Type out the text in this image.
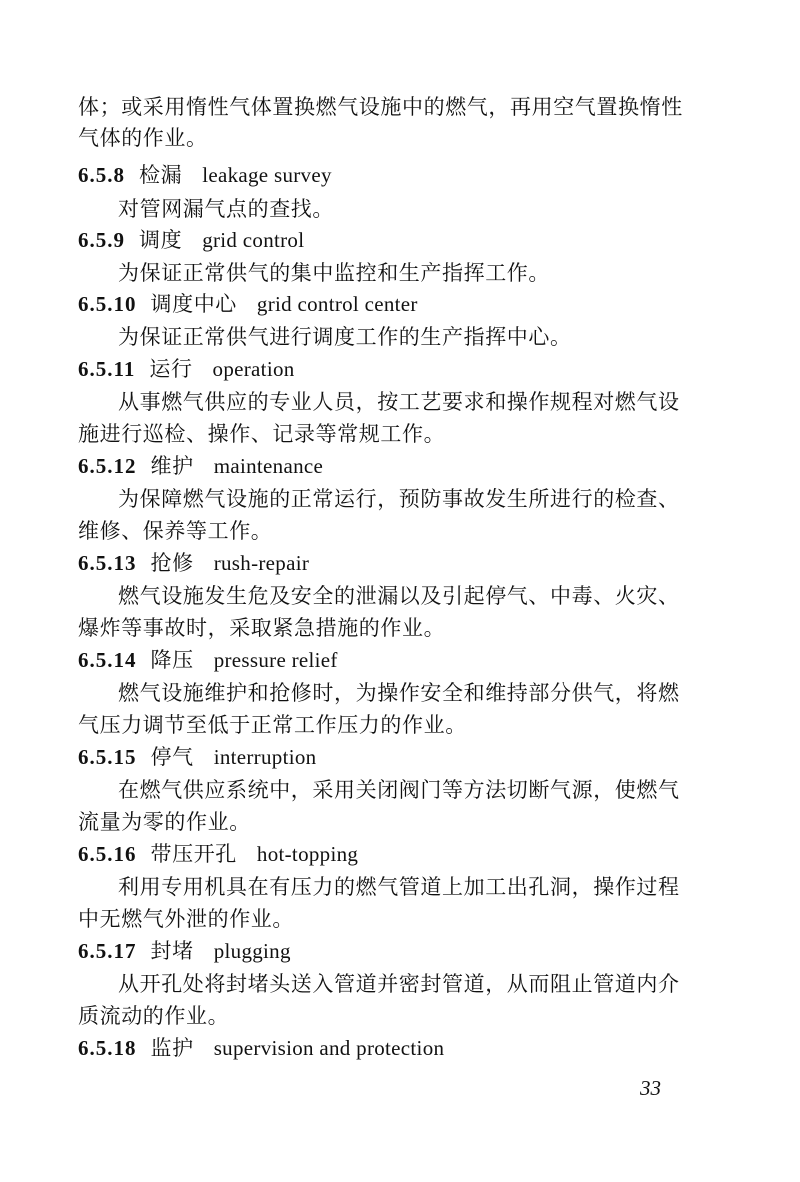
体；或采用惰性气体置换燃气设施中的燃气，再用空气置换惰性
气体的作业。
6.5.8 检漏 leakage survey
对管网漏气点的查找。
6.5.9 调度 grid control
为保证正常供气的集中监控和生产指挥工作。
6.5.10 调度中心 grid control center
为保证正常供气进行调度工作的生产指挥中心。
6.5.11 运行 operation
从事燃气供应的专业人员，按工艺要求和操作规程对燃气设
施进行巡检、操作、记录等常规工作。
6.5.12 维护 maintenance
为保障燃气设施的正常运行，预防事故发生所进行的检查、
维修、保养等工作。
6.5.13 抢修 rush-repair
燃气设施发生危及安全的泄漏以及引起停气、中毒、火灾、
爆炸等事故时，采取紧急措施的作业。
6.5.14 降压 pressure relief
燃气设施维护和抢修时，为操作安全和维持部分供气，将燃
气压力调节至低于正常工作压力的作业。
6.5.15 停气 interruption
在燃气供应系统中，采用关闭阀门等方法切断气源，使燃气
流量为零的作业。
6.5.16 带压开孔 hot-topping
利用专用机具在有压力的燃气管道上加工出孔洞，操作过程
中无燃气外泄的作业。
6.5.17 封堵 plugging
从开孔处将封堵头送入管道并密封管道，从而阻止管道内介
质流动的作业。
6.5.18 监护 supervision and protection
33
